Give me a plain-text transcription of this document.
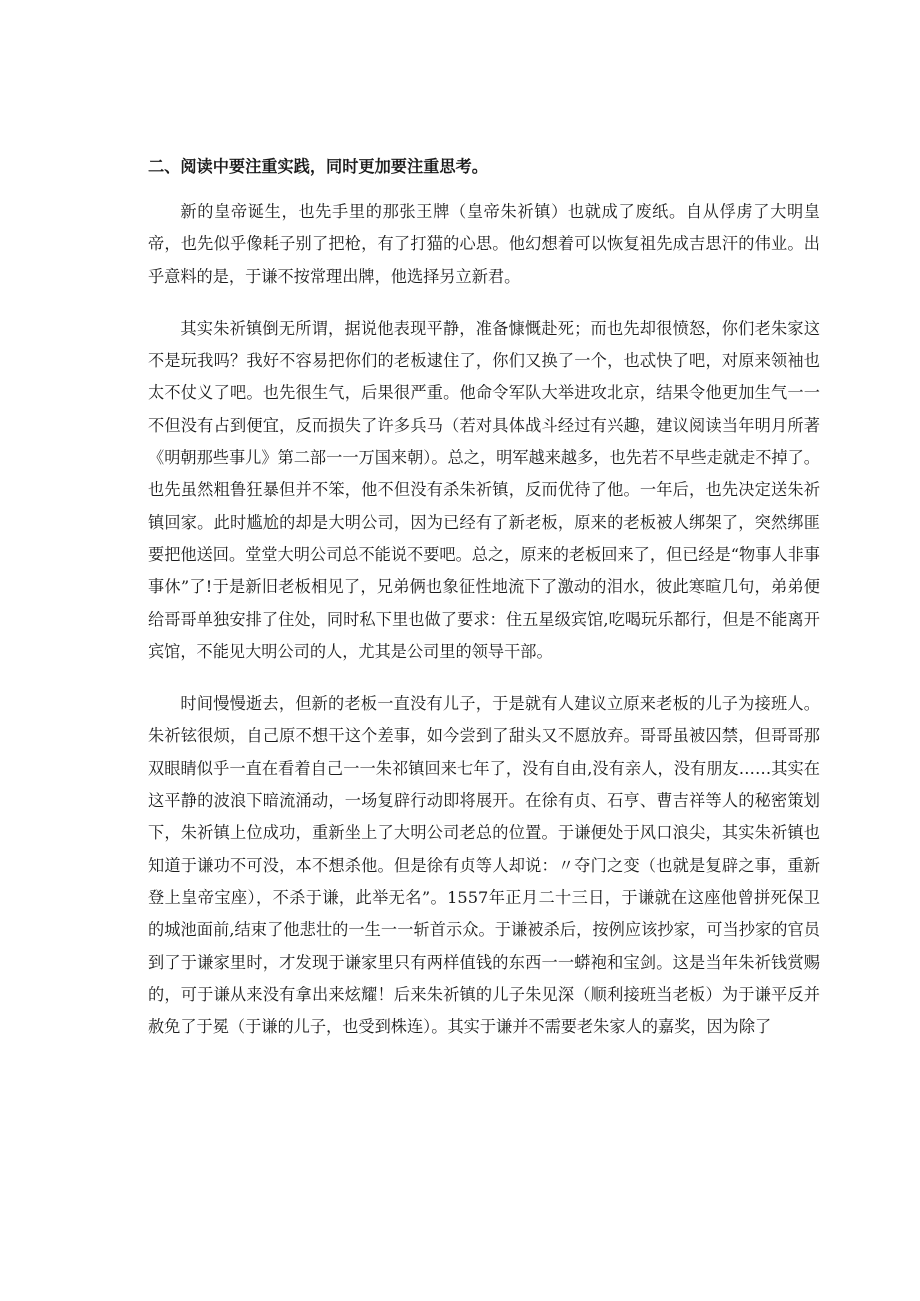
二、阅读中要注重实践，同时更加要注重思考。

新的皇帝诞生，也先手里的那张王牌（皇帝朱祈镇）也就成了废纸。自从俘虏了大明皇帝，也先似乎像耗子别了把枪，有了打猫的心思。他幻想着可以恢复祖先成吉思汗的伟业。出乎意料的是，于谦不按常理出牌，他选择另立新君。

其实朱祈镇倒无所谓，据说他表现平静，准备慷慨赴死；而也先却很愤怒，你们老朱家这不是玩我吗？我好不容易把你们的老板逮住了，你们又换了一个，也忒快了吧，对原来领袖也太不仗义了吧。也先很生气，后果很严重。他命令军队大举进攻北京，结果令他更加生气一一不但没有占到便宜，反而损失了许多兵马（若对具体战斗经过有兴趣，建议阅读当年明月所著《明朝那些事儿》第二部一一万国来朝）。总之，明军越来越多，也先若不早些走就走不掉了。也先虽然粗鲁狂暴但并不笨，他不但没有杀朱祈镇，反而优待了他。一年后，也先决定送朱祈镇回家。此时尴尬的却是大明公司，因为已经有了新老板，原来的老板被人绑架了，突然绑匪要把他送回。堂堂大明公司总不能说不要吧。总之，原来的老板回来了，但已经是“物事人非事事休”了!于是新旧老板相见了，兄弟俩也象征性地流下了激动的泪水，彼此寒暄几句，弟弟便给哥哥单独安排了住处，同时私下里也做了要求：住五星级宾馆,吃喝玩乐都行，但是不能离开宾馆，不能见大明公司的人，尤其是公司里的领导干部。

时间慢慢逝去，但新的老板一直没有儿子，于是就有人建议立原来老板的儿子为接班人。朱祈铉很烦，自己原不想干这个差事，如今尝到了甜头又不愿放弃。哥哥虽被囚禁，但哥哥那双眼睛似乎一直在看着自己一一朱祁镇回来七年了，没有自由,没有亲人，没有朋友……其实在这平静的波浪下暗流涌动，一场复辟行动即将展开。在徐有贞、石亨、曹吉祥等人的秘密策划下，朱祈镇上位成功，重新坐上了大明公司老总的位置。于谦便处于风口浪尖，其实朱祈镇也知道于谦功不可没，本不想杀他。但是徐有贞等人却说：〃夺门之变（也就是复辟之事，重新登上皇帝宝座），不杀于谦，此举无名”。1557年正月二十三日，于谦就在这座他曾拼死保卫的城池面前,结束了他悲壮的一生一一斩首示众。于谦被杀后，按例应该抄家，可当抄家的官员到了于谦家里时，才发现于谦家里只有两样值钱的东西一一蟒袍和宝剑。这是当年朱祈钱赏赐的，可于谦从来没有拿出来炫耀！后来朱祈镇的儿子朱见深（顺利接班当老板）为于谦平反并赦免了于冕（于谦的儿子，也受到株连）。其实于谦并不需要老朱家人的嘉奖，因为除了
